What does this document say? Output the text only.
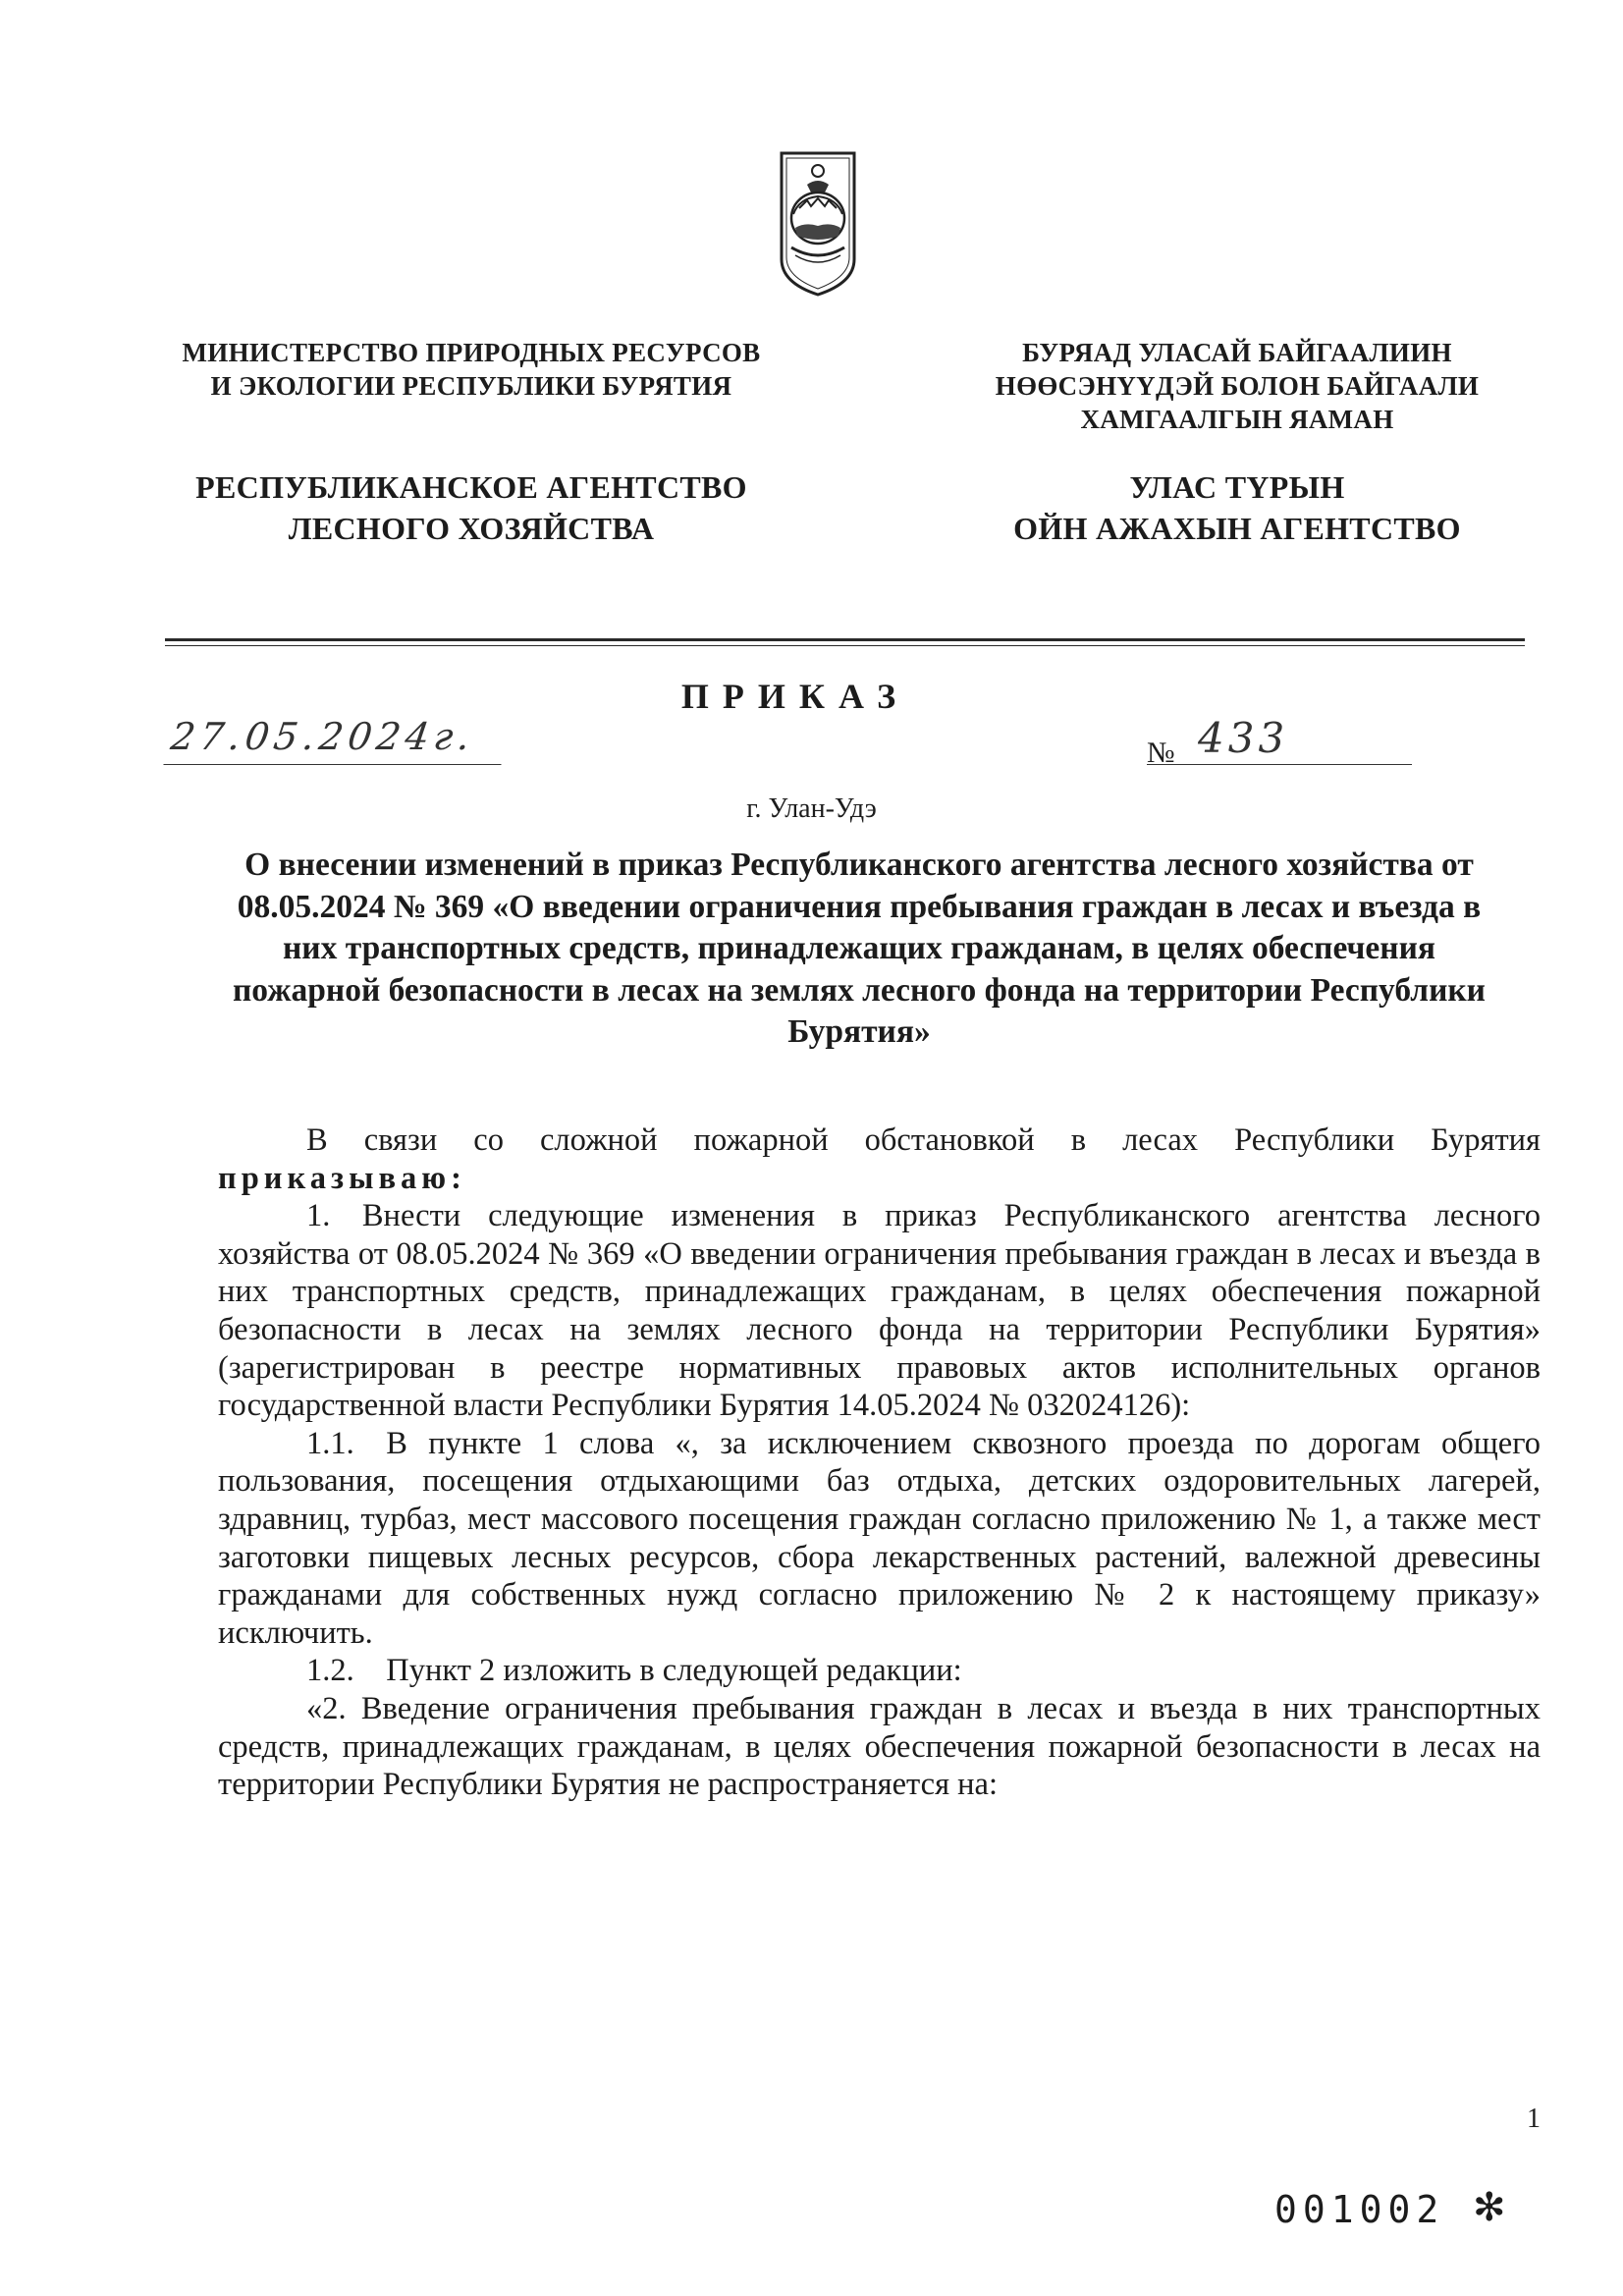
МИНИСТЕРСТВО ПРИРОДНЫХ РЕСУРСОВ
И ЭКОЛОГИИ РЕСПУБЛИКИ БУРЯТИЯ
БУРЯАД УЛАСАЙ БАЙГААЛИИН
НӨӨСЭНҮҮДЭЙ БОЛОН БАЙГААЛИ
ХАМГААЛГЫН ЯАМАН
РЕСПУБЛИКАНСКОЕ АГЕНТСТВО
ЛЕСНОГО ХОЗЯЙСТВА
УЛАС ТҮРЫН
ОЙН АЖАХЫН АГЕНТСТВО
ПРИКАЗ
27.05.2024г.	№ 433
г. Улан-Удэ
О внесении изменений в приказ Республиканского агентства лесного хозяйства от 08.05.2024 № 369 «О введении ограничения пребывания граждан в лесах и въезда в них транспортных средств, принадлежащих гражданам, в целях обеспечения пожарной безопасности в лесах на землях лесного фонда на территории Республики Бурятия»

В связи со сложной пожарной обстановкой в лесах Республики Бурятия приказываю:

1. Внести следующие изменения в приказ Республиканского агентства лесного хозяйства от 08.05.2024 № 369 «О введении ограничения пребывания граждан в лесах и въезда в них транспортных средств, принадлежащих гражданам, в целях обеспечения пожарной безопасности в лесах на землях лесного фонда на территории Республики Бурятия» (зарегистрирован в реестре нормативных правовых актов исполнительных органов государственной власти Республики Бурятия 14.05.2024 № 032024126):

1.1. В пункте 1 слова «, за исключением сквозного проезда по дорогам общего пользования, посещения отдыхающими баз отдыха, детских оздоровительных лагерей, здравниц, турбаз, мест массового посещения граждан согласно приложению № 1, а также мест заготовки пищевых лесных ресурсов, сбора лекарственных растений, валежной древесины гражданами для собственных нужд согласно приложению № 2 к настоящему приказу» исключить.

1.2. Пункт 2 изложить в следующей редакции:

«2. Введение ограничения пребывания граждан в лесах и въезда в них транспортных средств, принадлежащих гражданам, в целях обеспечения пожарной безопасности в лесах на территории Республики Бурятия не распространяется на:

1
001002 ✻
